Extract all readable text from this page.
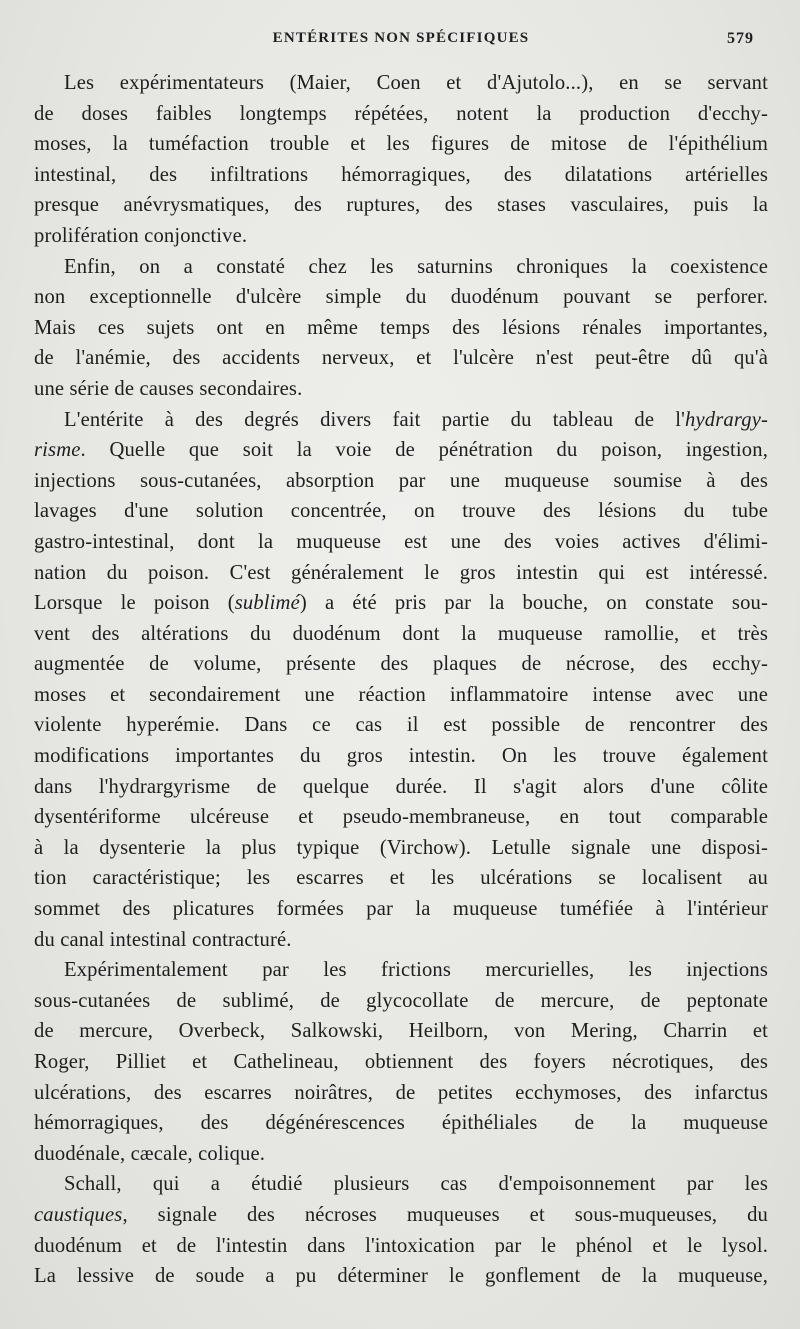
ENTÉRITES NON SPÉCIFIQUES	579

Les expérimentateurs (Maier, Coen et d'Ajutolo...), en se servant
de doses faibles longtemps répétées, notent la production d'ecchy-
moses, la tuméfaction trouble et les figures de mitose de l'épithélium
intestinal, des infiltrations hémorragiques, des dilatations artérielles
presque anévrysmatiques, des ruptures, des stases vasculaires, puis la
prolifération conjonctive.

Enfin, on a constaté chez les saturnins chroniques la coexistence
non exceptionnelle d'ulcère simple du duodénum pouvant se perforer.
Mais ces sujets ont en même temps des lésions rénales importantes,
de l'anémie, des accidents nerveux, et l'ulcère n'est peut-être dû qu'à
une série de causes secondaires.

L'entérite à des degrés divers fait partie du tableau de l'hydrargy-
risme. Quelle que soit la voie de pénétration du poison, ingestion,
injections sous-cutanées, absorption par une muqueuse soumise à des
lavages d'une solution concentrée, on trouve des lésions du tube
gastro-intestinal, dont la muqueuse est une des voies actives d'élimi-
nation du poison. C'est généralement le gros intestin qui est intéressé.
Lorsque le poison (sublimé) a été pris par la bouche, on constate sou-
vent des altérations du duodénum dont la muqueuse ramollie, et très
augmentée de volume, présente des plaques de nécrose, des ecchy-
moses et secondairement une réaction inflammatoire intense avec une
violente hyperémie. Dans ce cas il est possible de rencontrer des
modifications importantes du gros intestin. On les trouve également
dans l'hydrargyrisme de quelque durée. Il s'agit alors d'une côlite
dysentériforme ulcéreuse et pseudo-membraneuse, en tout comparable
à la dysenterie la plus typique (Virchow). Letulle signale une disposi-
tion caractéristique; les escarres et les ulcérations se localisent au
sommet des plicatures formées par la muqueuse tuméfiée à l'intérieur
du canal intestinal contracturé.

Expérimentalement par les frictions mercurielles, les injections
sous-cutanées de sublimé, de glycocollate de mercure, de peptonate
de mercure, Overbeck, Salkowski, Heilborn, von Mering, Charrin et
Roger, Pilliet et Cathelineau, obtiennent des foyers nécrotiques, des
ulcérations, des escarres noirâtres, de petites ecchymoses, des infarctus
hémorragiques, des dégénérescences épithéliales de la muqueuse
duodénale, cæcale, colique.

Schall, qui a étudié plusieurs cas d'empoisonnement par les
caustiques, signale des nécroses muqueuses et sous-muqueuses, du
duodénum et de l'intestin dans l'intoxication par le phénol et le lysol.
La lessive de soude a pu déterminer le gonflement de la muqueuse,
